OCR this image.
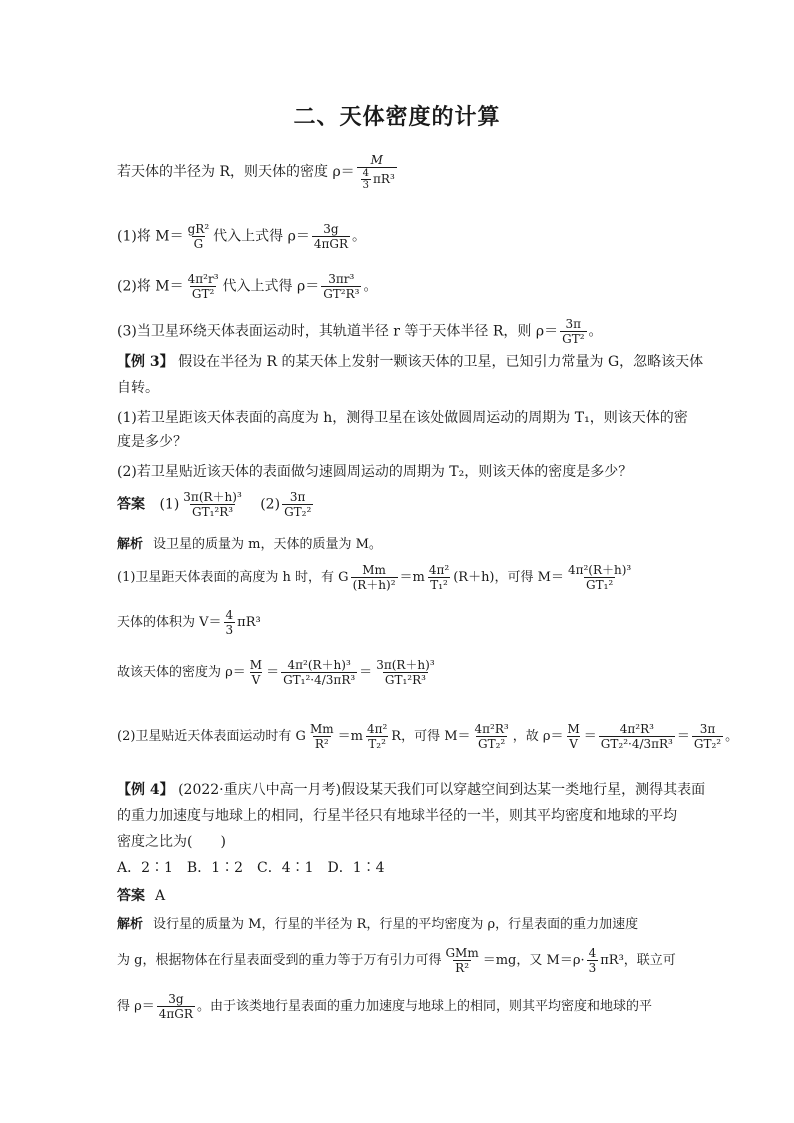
二、天体密度的计算
若天体的半径为 R，则天体的密度 $\rho= \frac{M}{\frac{4}{3} \pi R^3}$
(1)将 $M= \frac{\text{gR²}}{G}$ 代入上式得 $\rho= \frac{3g}{\text{4πGR}}$ 。
(2)将 $M= \frac{\text{4π²r³}}{\text{GT²}}$ 代入上式得 $\rho= \frac{\text{3πr³}}{\text{GT²R³}}$ 。
(3)当卫星环绕天体表面运动时，其轨道半径 r 等于天体半径 R，则 $\rho= \frac{3\pi}{\text{GT²}}$ 。
【例 3】 假设在半径为 R 的某天体上发射一颗该天体的卫星，已知引力常量为 G，忽略该天体
自转。
(1)若卫星距该天体表面的高度为 h，测得卫星在该处做圆周运动的周期为 T₁，则该天体的密
度是多少？
(2)若卫星贴近该天体的表面做匀速圆周运动的周期为 T₂，则该天体的密度是多少？
答案 $(1) \frac{\text{3π(R＋h)³}}{\text{GT₁²R³}} (2) \frac{3\pi}{\text{GT₂²}}$
解析 设卫星的质量为 m，天体的质量为 M。
(1)卫星距天体表面的高度为 h 时，有 G $\frac{Mm}{\text{(R＋h)²}} =m \frac{\text{4π²}}{\text{T₁²}} (R+h)$，可得 $M= \frac{\text{4π²(R＋h)³}}{\text{GT₁²}}$
天体的体积为 $V= \frac{4}{3} \pi R^3$
故该天体的密度为 $\rho= \frac{M}{V} = \frac{\text{4π²(R＋h)³}}{\text{GT₁²·4/3πR³}} = \frac{\text{3π(R＋h)³}}{\text{GT₁²R³}}$
(2)卫星贴近天体表面运动时有 G $\frac{Mm}{\text{R²}} =m \frac{\text{4π²}}{\text{T₂²}}$ R，可得 $M= \frac{\text{4π²R³}}{\text{GT₂²}}$ ，故 $\rho= \frac{M}{V} = \frac{\text{4π²R³}}{\text{GT₂²·4/3πR³}} = \frac{3\pi}{\text{GT₂²}}$ 。
【例 4】 (2022·重庆八中高一月考)假设某天我们可以穿越空间到达某一类地行星，测得其表面
的重力加速度与地球上的相同，行星半径只有地球半径的一半，则其平均密度和地球的平均
密度之比为(　　)
A．2∶1　B．1∶2　C．4∶1　D．1∶4
答案 A
解析 设行星的质量为 M，行星的半径为 R，行星的平均密度为 ρ，行星表面的重力加速度
为 g，根据物体在行星表面受到的重力等于万有引力可得 $\frac{\text{GMm}}{\text{R²}} =mg$，又 $M=\rho\cdot \frac{4}{3} \pi R^3$，联立可
得 $\rho= \frac{3g}{\text{4πGR}}$ 。由于该类地行星表面的重力加速度与地球上的相同，则其平均密度和地球的平
